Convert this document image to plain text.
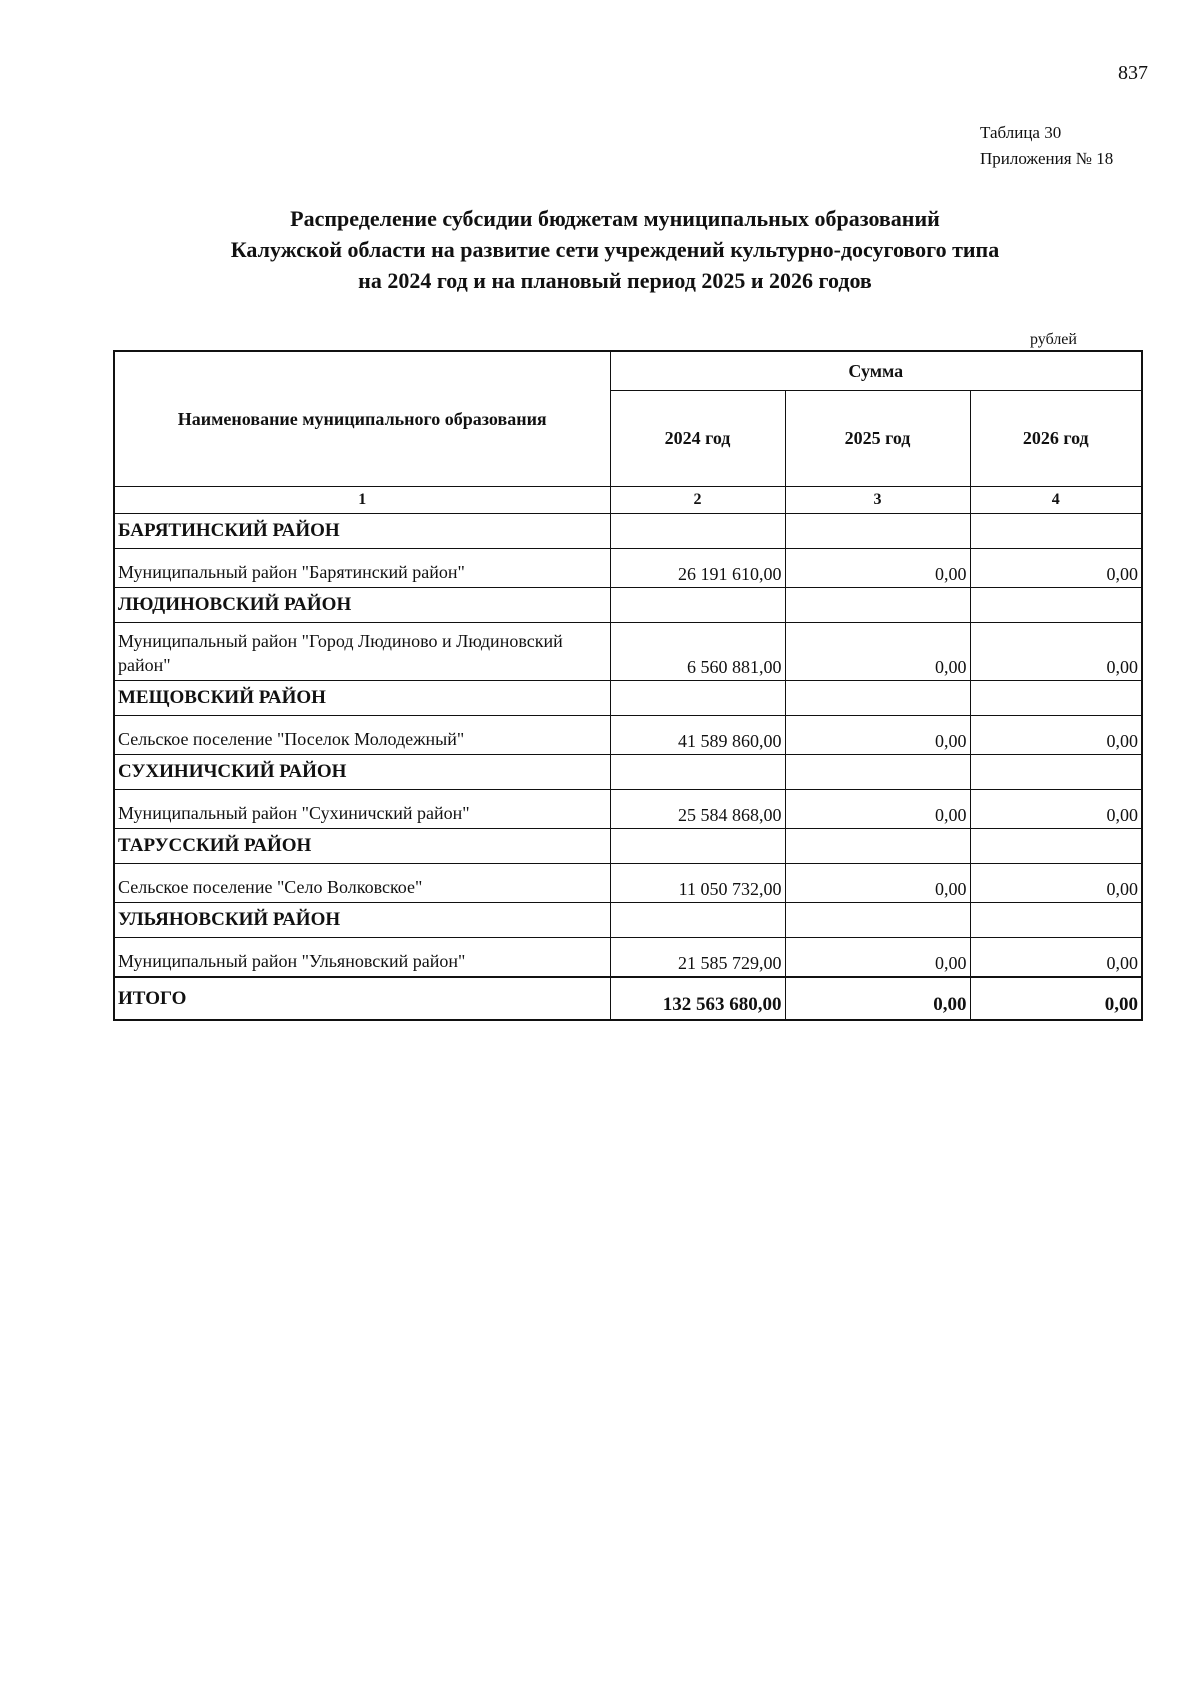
837
Таблица 30
Приложения № 18
Распределение субсидии бюджетам муниципальных образований
Калужской области на развитие сети учреждений культурно-досугового типа
на 2024 год и на плановый период 2025 и 2026 годов
рублей
Наименование муниципального образования	Сумма		
	2024 год	2025 год	2026 год
1	2	3	4
БАРЯТИНСКИЙ РАЙОН			
Муниципальный район "Барятинский район"	26 191 610,00	0,00	0,00
ЛЮДИНОВСКИЙ РАЙОН			
Муниципальный район "Город Людиново и Людиновский район"	6 560 881,00	0,00	0,00
МЕЩОВСКИЙ РАЙОН			
Сельское поселение "Поселок Молодежный"	41 589 860,00	0,00	0,00
СУХИНИЧСКИЙ РАЙОН			
Муниципальный район "Сухиничский район"	25 584 868,00	0,00	0,00
ТАРУССКИЙ РАЙОН			
Сельское поселение "Село Волковское"	11 050 732,00	0,00	0,00
УЛЬЯНОВСКИЙ РАЙОН			
Муниципальный район "Ульяновский район"	21 585 729,00	0,00	0,00
ИТОГО	132 563 680,00	0,00	0,00
